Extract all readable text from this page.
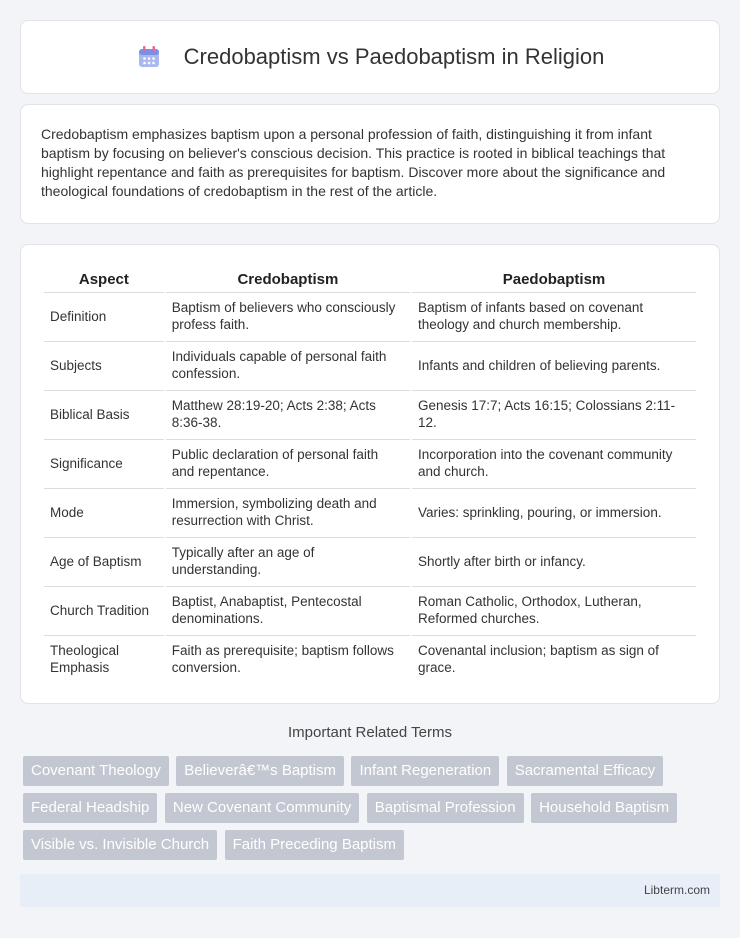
Credobaptism vs Paedobaptism in Religion

Credobaptism emphasizes baptism upon a personal profession of faith, distinguishing it from infant baptism by focusing on believer's conscious decision. This practice is rooted in biblical teachings that highlight repentance and faith as prerequisites for baptism. Discover more about the significance and theological foundations of credobaptism in the rest of the article.

Aspect	Credobaptism	Paedobaptism
Definition	Baptism of believers who consciously profess faith.	Baptism of infants based on covenant theology and church membership.
Subjects	Individuals capable of personal faith confession.	Infants and children of believing parents.
Biblical Basis	Matthew 28:19-20; Acts 2:38; Acts 8:36-38.	Genesis 17:7; Acts 16:15; Colossians 2:11-12.
Significance	Public declaration of personal faith and repentance.	Incorporation into the covenant community and church.
Mode	Immersion, symbolizing death and resurrection with Christ.	Varies: sprinkling, pouring, or immersion.
Age of Baptism	Typically after an age of understanding.	Shortly after birth or infancy.
Church Tradition	Baptist, Anabaptist, Pentecostal denominations.	Roman Catholic, Orthodox, Lutheran, Reformed churches.
Theological Emphasis	Faith as prerequisite; baptism follows conversion.	Covenantal inclusion; baptism as sign of grace.
Important Related Terms
Covenant Theology Believerâ€™s Baptism Infant Regeneration Sacramental Efficacy Federal Headship New Covenant Community Baptismal Profession Household Baptism Visible vs. Invisible Church Faith Preceding Baptism
Libterm.com
